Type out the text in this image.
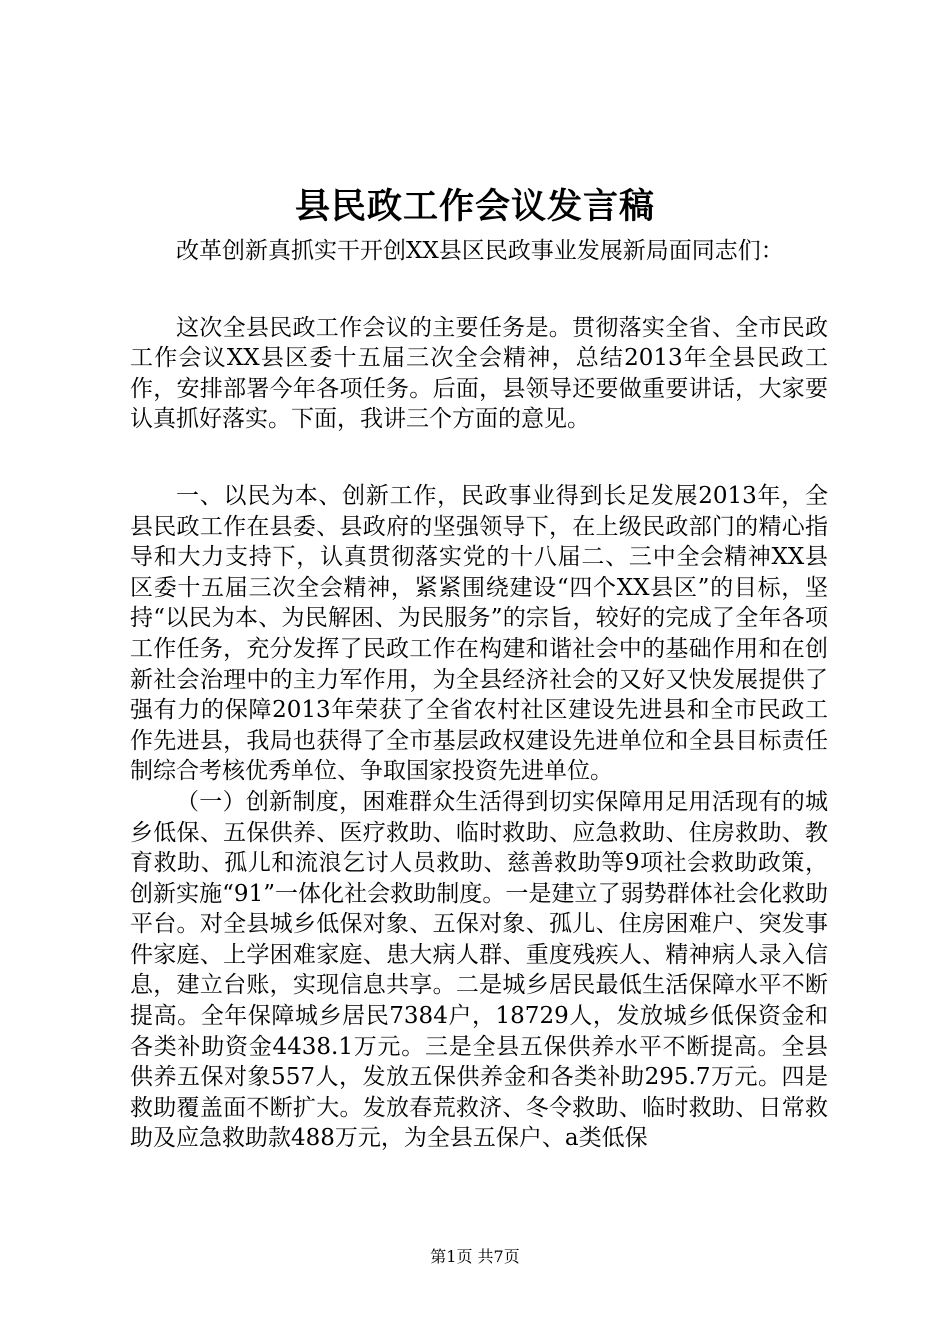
县民政工作会议发言稿

改革创新真抓实干开创XX县区民政事业发展新局面同志们：

这次全县民政工作会议的主要任务是。贯彻落实全省、全市民政工作会议XX县区委十五届三次全会精神，总结2013年全县民政工作，安排部署今年各项任务。后面，县领导还要做重要讲话，大家要认真抓好落实。下面，我讲三个方面的意见。

一、以民为本、创新工作，民政事业得到长足发展2013年，全县民政工作在县委、县政府的坚强领导下，在上级民政部门的精心指导和大力支持下，认真贯彻落实党的十八届二、三中全会精神XX县区委十五届三次全会精神，紧紧围绕建设“四个XX县区”的目标，坚持“以民为本、为民解困、为民服务”的宗旨，较好的完成了全年各项工作任务，充分发挥了民政工作在构建和谐社会中的基础作用和在创新社会治理中的主力军作用，为全县经济社会的又好又快发展提供了强有力的保障2013年荣获了全省农村社区建设先进县和全市民政工作先进县，我局也获得了全市基层政权建设先进单位和全县目标责任制综合考核优秀单位、争取国家投资先进单位。

（一）创新制度，困难群众生活得到切实保障用足用活现有的城乡低保、五保供养、医疗救助、临时救助、应急救助、住房救助、教育救助、孤儿和流浪乞讨人员救助、慈善救助等9项社会救助政策，创新实施“91”一体化社会救助制度。一是建立了弱势群体社会化救助平台。对全县城乡低保对象、五保对象、孤儿、住房困难户、突发事件家庭、上学困难家庭、患大病人群、重度残疾人、精神病人录入信息，建立台账，实现信息共享。二是城乡居民最低生活保障水平不断提高。全年保障城乡居民7384户，18729人，发放城乡低保资金和各类补助资金4438.1万元。三是全县五保供养水平不断提高。全县供养五保对象557人，发放五保供养金和各类补助295.7万元。四是救助覆盖面不断扩大。发放春荒救济、冬令救助、临时救助、日常救助及应急救助款488万元，为全县五保户、a类低保

第1页 共7页
